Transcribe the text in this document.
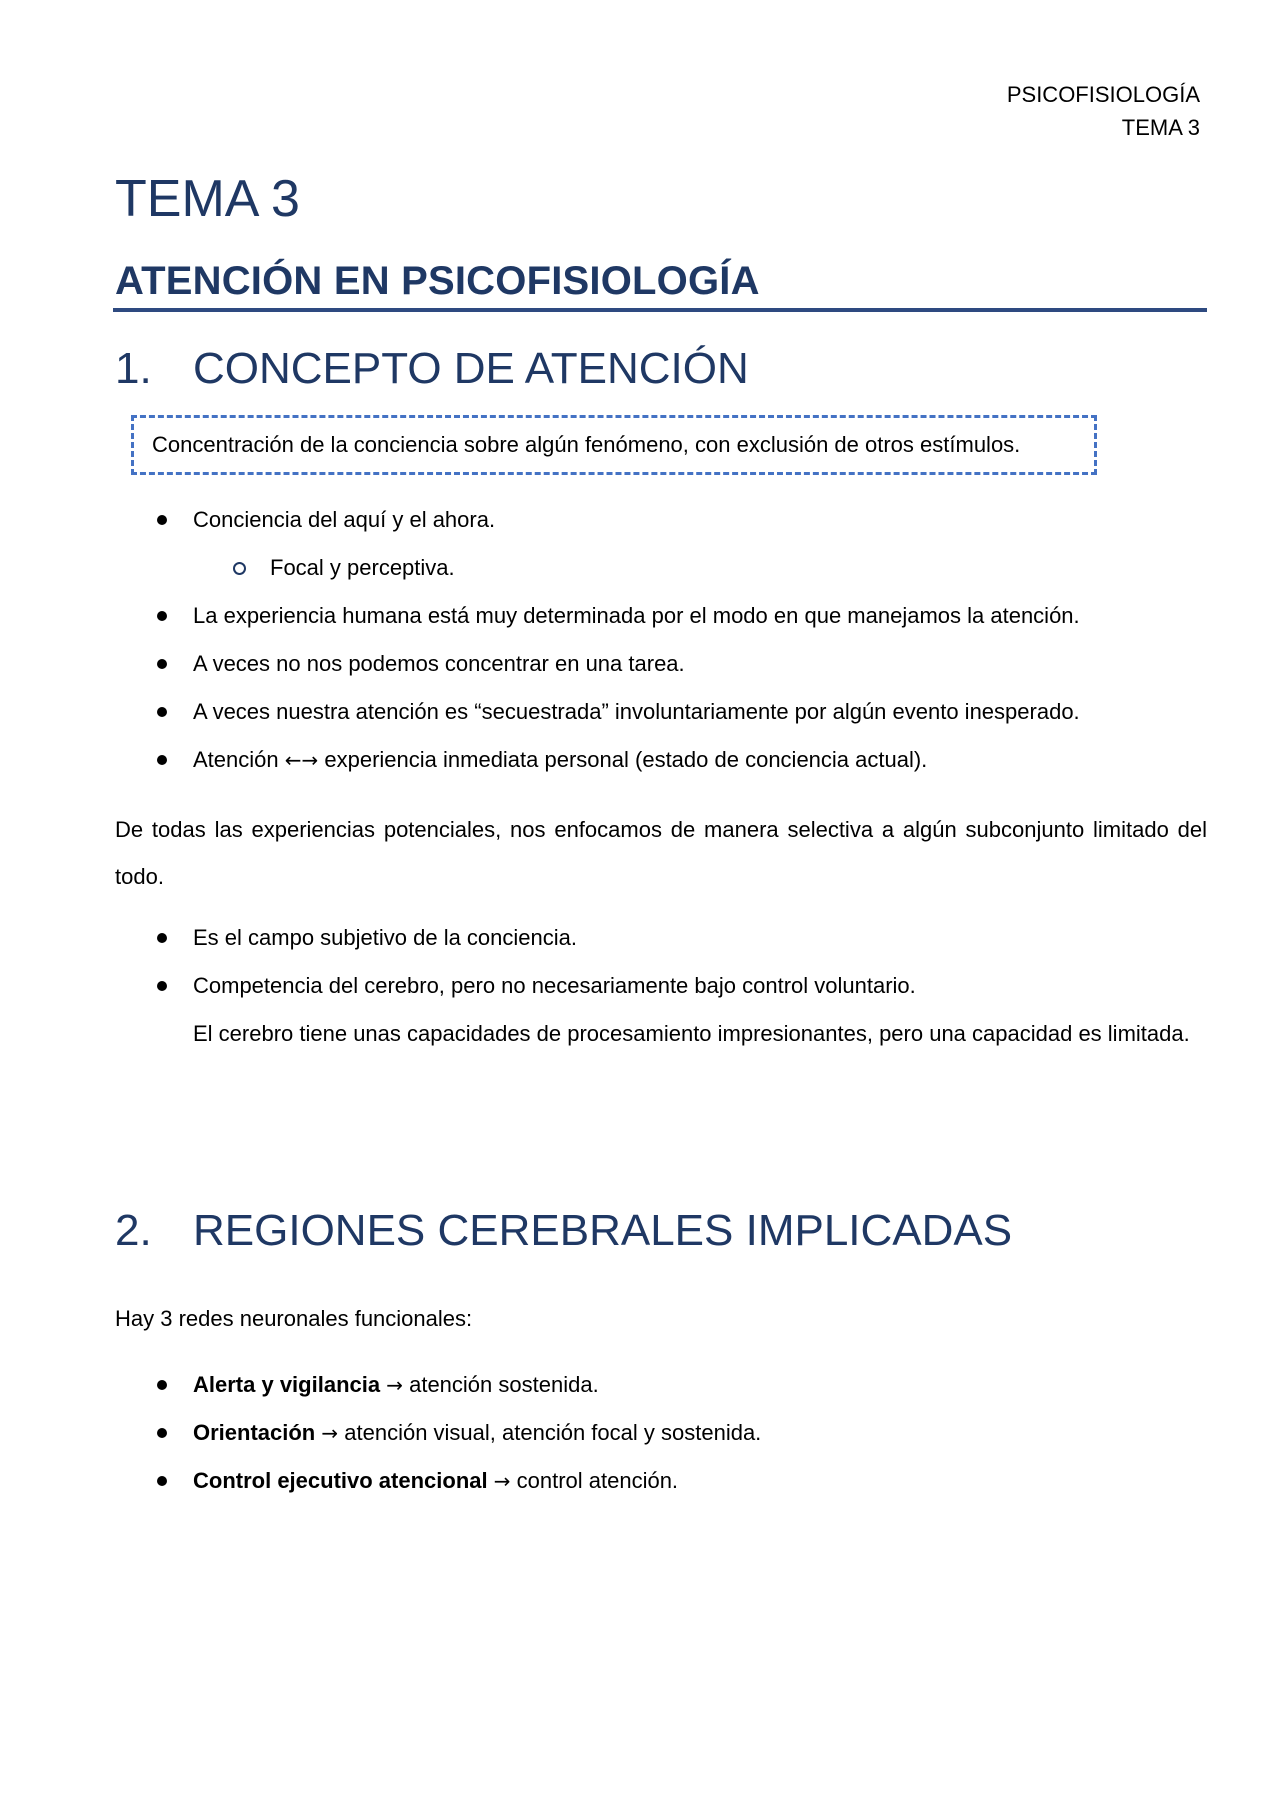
PSICOFISIOLOGÍA
TEMA 3
TEMA 3
ATENCIÓN EN PSICOFISIOLOGÍA
1. CONCEPTO DE ATENCIÓN
Concentración de la conciencia sobre algún fenómeno, con exclusión de otros estímulos.
Conciencia del aquí y el ahora.
Focal y perceptiva.
La experiencia humana está muy determinada por el modo en que manejamos la atención.
A veces no nos podemos concentrar en una tarea.
A veces nuestra atención es “secuestrada” involuntariamente por algún evento inesperado.
Atención ←→ experiencia inmediata personal (estado de conciencia actual).

De todas las experiencias potenciales, nos enfocamos de manera selectiva a algún subconjunto limitado del todo.

Es el campo subjetivo de la conciencia.
Competencia del cerebro, pero no necesariamente bajo control voluntario.
El cerebro tiene unas capacidades de procesamiento impresionantes, pero una capacidad es limitada.
2. REGIONES CEREBRALES IMPLICADAS

Hay 3 redes neuronales funcionales:

Alerta y vigilancia → atención sostenida.
Orientación → atención visual, atención focal y sostenida.
Control ejecutivo atencional → control atención.
